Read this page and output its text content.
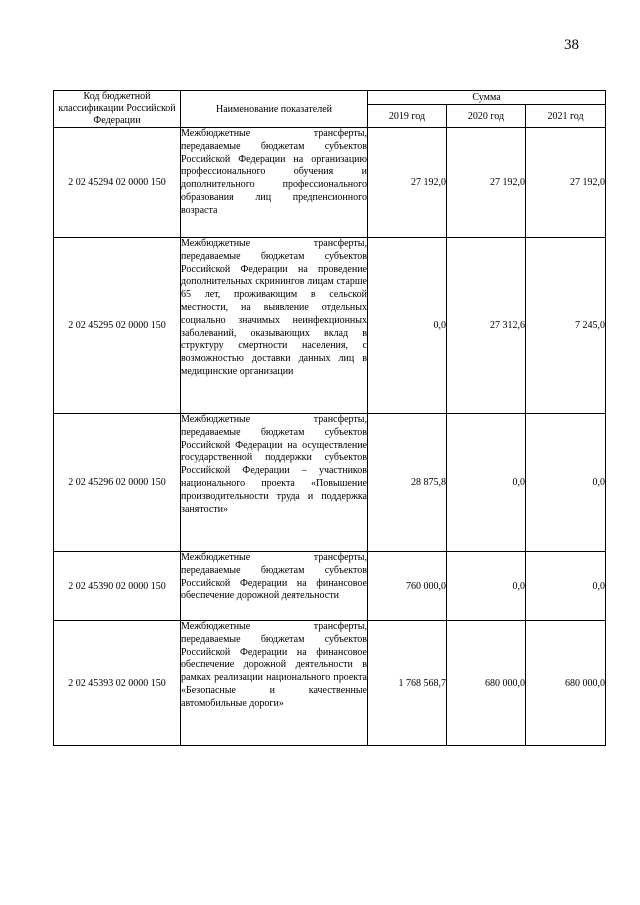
38
Код бюджетной классификации Российской Федерации	Наименование показателей	Сумма		
		2019 год	2020 год	2021 год
2 02 45294 02 0000 150	Межбюджетные трансферты, передаваемые бюджетам субъектов Российской Федерации на организацию профессионального обучения и дополнительного профессионального образования лиц предпенсионного возраста	27 192,0	27 192,0	27 192,0
2 02 45295 02 0000 150	Межбюджетные трансферты, передаваемые бюджетам субъектов Российской Федерации на проведение дополнительных скринингов лицам старше 65 лет, проживающим в сельской местности, на выявление отдельных социально значимых неинфекционных заболеваний, оказывающих вклад в структуру смертности населения, с возможностью доставки данных лиц в медицинские организации	0,0	27 312,6	7 245,0
2 02 45296 02 0000 150	Межбюджетные трансферты, передаваемые бюджетам субъектов Российской Федерации на осуществление государственной поддержки субъектов Российской Федерации – участников национального проекта «Повышение производительности труда и поддержка занятости»	28 875,8	0,0	0,0
2 02 45390 02 0000 150	Межбюджетные трансферты, передаваемые бюджетам субъектов Российской Федерации на финансовое обеспечение дорожной деятельности	760 000,0	0,0	0,0
2 02 45393 02 0000 150	Межбюджетные трансферты, передаваемые бюджетам субъектов Российской Федерации на финансовое обеспечение дорожной деятельности в рамках реализации национального проекта «Безопасные и качественные автомобильные дороги»	1 768 568,7	680 000,0	680 000,0
